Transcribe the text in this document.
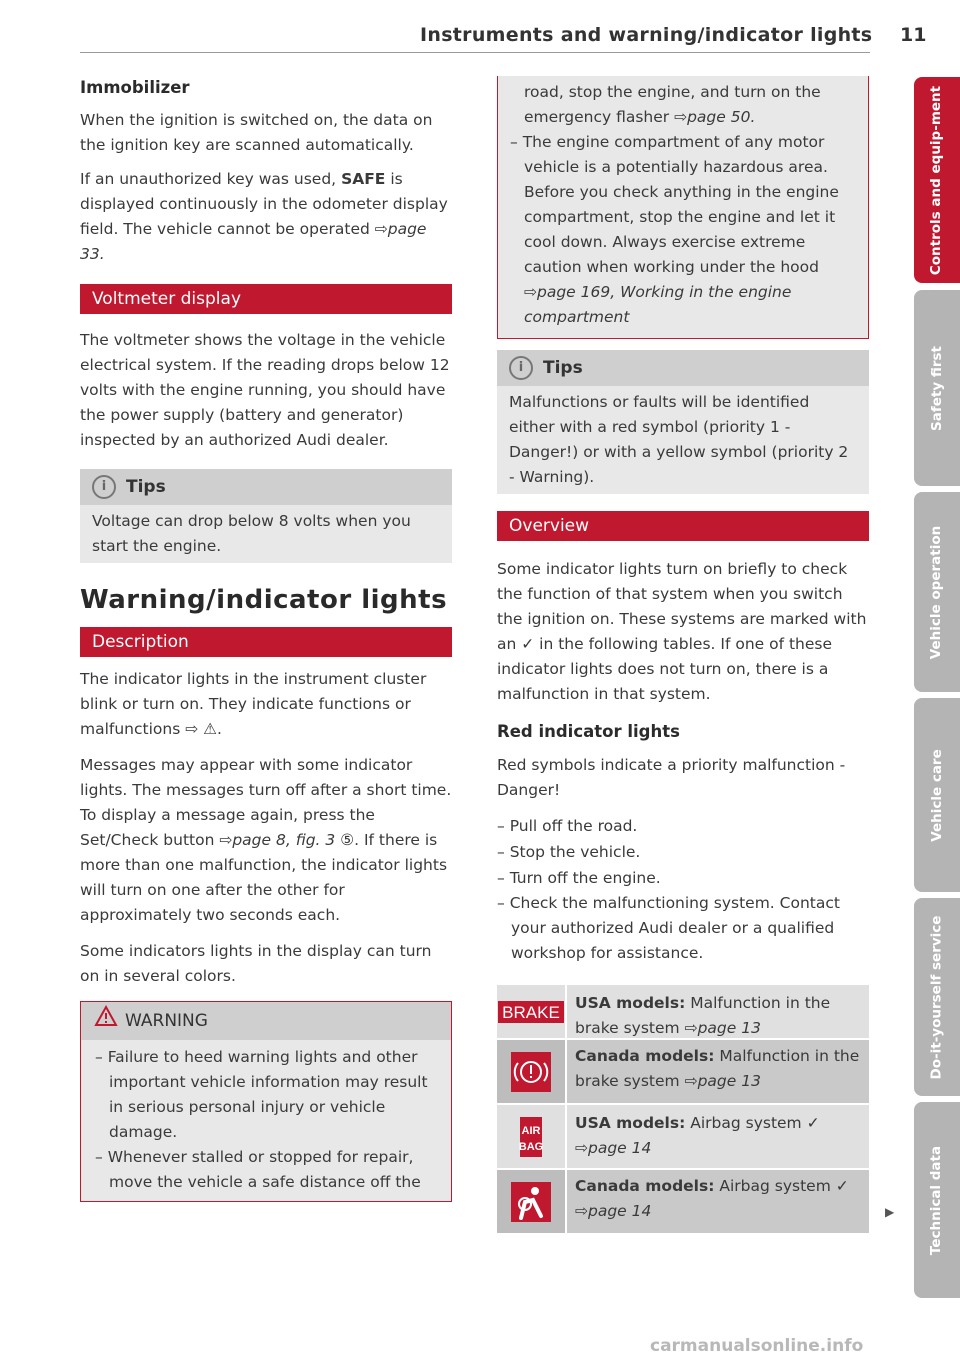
Instruments and warning/indicator lights 11
Immobilizer

When the ignition is switched on, the data on the ignition key are scanned automatically.

If an unauthorized key was used, SAFE is displayed continuously in the odometer display field. The vehicle cannot be operated ⇨page 33.

Voltmeter display

The voltmeter shows the voltage in the vehicle electrical system. If the reading drops below 12 volts with the engine running, you should have the power supply (battery and generator) inspected by an authorized Audi dealer.

i Tips

Voltage can drop below 8 volts when you start the engine.

Warning/indicator lights
Description

The indicator lights in the instrument cluster blink or turn on. They indicate functions or malfunctions ⇨ ⚠.

Messages may appear with some indicator lights. The messages turn off after a short time. To display a message again, press the Set/Check button ⇨page 8, fig. 3 ⑤. If there is more than one malfunction, the indicator lights will turn on one after the other for approximately two seconds each.

Some indicators lights in the display can turn on in several colors.

WARNING

– Failure to heed warning lights and other important vehicle information may result in serious personal injury or vehicle damage.

– Whenever stalled or stopped for repair, move the vehicle a safe distance off the

road, stop the engine, and turn on the emergency flasher ⇨page 50.

– The engine compartment of any motor vehicle is a potentially hazardous area. Before you check anything in the engine compartment, stop the engine and let it cool down. Always exercise extreme caution when working under the hood ⇨page 169, Working in the engine compartment

i Tips

Malfunctions or faults will be identified either with a red symbol (priority 1 - Danger!) or with a yellow symbol (priority 2 - Warning).

Overview

Some indicator lights turn on briefly to check the function of that system when you switch the ignition on. These systems are marked with an ✓ in the following tables. If one of these indicator lights does not turn on, there is a malfunction in that system.

Red indicator lights

Red symbols indicate a priority malfunction - Danger!

– Pull off the road.

– Stop the vehicle.

– Turn off the engine.

– Check the malfunctioning system. Contact your authorized Audi dealer or a qualified workshop for assistance.

BRAKE USA models: Malfunction in the brake system ⇨page 13
Canada models: Malfunction in the brake system ⇨page 13
AIR
BAG
USA models: Airbag system ✓
⇨page 14
Canada models: Airbag system ✓
⇨page 14	▶
Controls and equip-ment
Safety first
Vehicle operation
Vehicle care
Do-it-yourself service
Technical data
carmanualsonline.info
